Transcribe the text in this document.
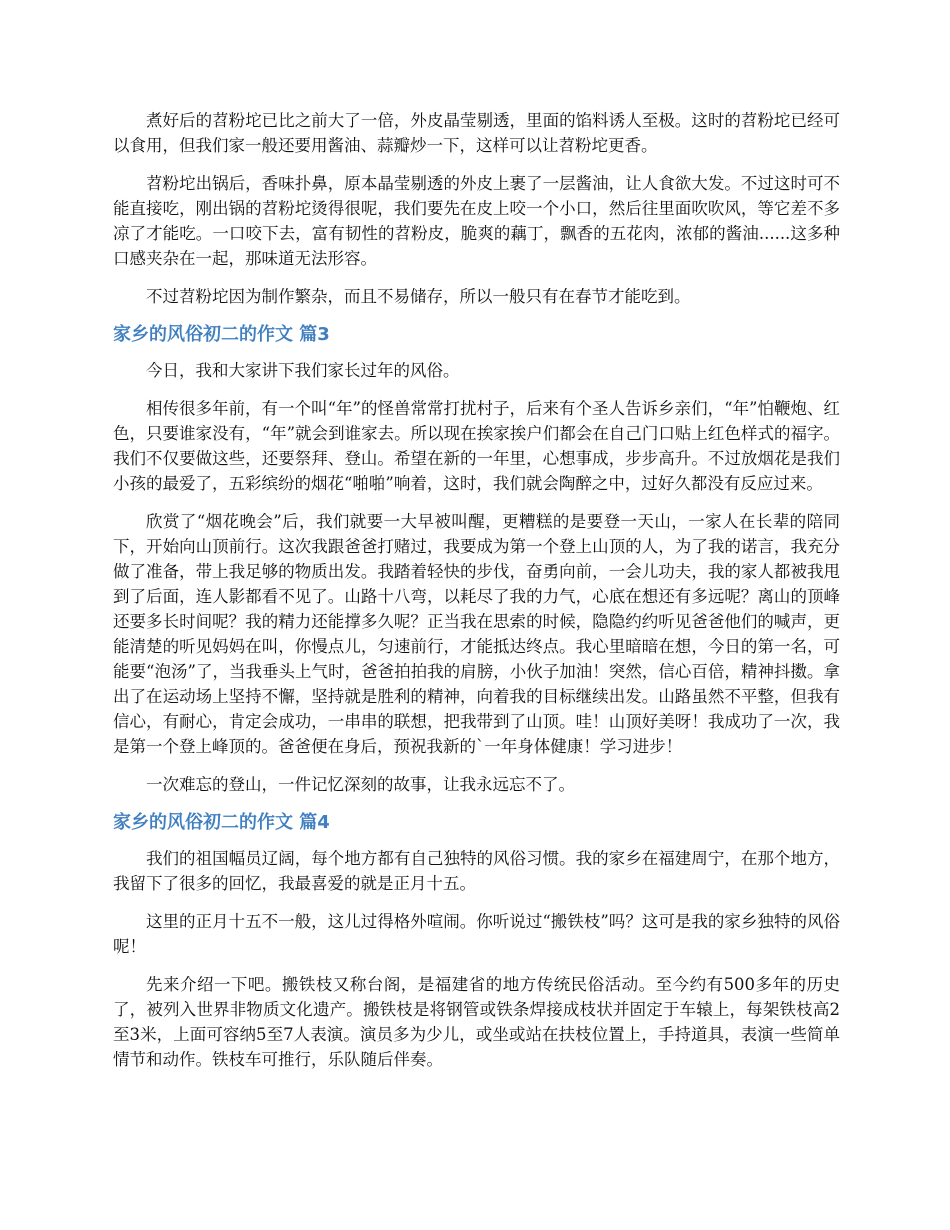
煮好后的苕粉坨已比之前大了一倍，外皮晶莹剔透，里面的馅料诱人至极。这时的苕粉坨已经可以食用，但我们家一般还要用酱油、蒜瓣炒一下，这样可以让苕粉坨更香。

苕粉坨出锅后，香味扑鼻，原本晶莹剔透的外皮上裹了一层酱油，让人食欲大发。不过这时可不能直接吃，刚出锅的苕粉坨烫得很呢，我们要先在皮上咬一个小口，然后往里面吹吹风，等它差不多凉了才能吃。一口咬下去，富有韧性的苕粉皮，脆爽的藕丁，飘香的五花肉，浓郁的酱油......这多种口感夹杂在一起，那味道无法形容。

不过苕粉坨因为制作繁杂，而且不易储存，所以一般只有在春节才能吃到。

家乡的风俗初二的作文 篇3

今日，我和大家讲下我们家长过年的风俗。

相传很多年前，有一个叫“年”的怪兽常常打扰村子，后来有个圣人告诉乡亲们，“年”怕鞭炮、红色，只要谁家没有，“年”就会到谁家去。所以现在挨家挨户们都会在自己门口贴上红色样式的福字。我们不仅要做这些，还要祭拜、登山。希望在新的一年里，心想事成，步步高升。不过放烟花是我们小孩的最爱了，五彩缤纷的烟花“啪啪”响着，这时，我们就会陶醉之中，过好久都没有反应过来。

欣赏了“烟花晚会”后，我们就要一大早被叫醒，更糟糕的是要登一天山，一家人在长辈的陪同下，开始向山顶前行。这次我跟爸爸打赌过，我要成为第一个登上山顶的人，为了我的诺言，我充分做了准备，带上我足够的物质出发。我踏着轻快的步伐，奋勇向前，一会儿功夫，我的家人都被我甩到了后面，连人影都看不见了。山路十八弯，以耗尽了我的力气，心底在想还有多远呢？离山的顶峰还要多长时间呢？我的精力还能撑多久呢？正当我在思索的时候，隐隐约约听见爸爸他们的喊声，更能清楚的听见妈妈在叫，你慢点儿，匀速前行，才能抵达终点。我心里暗暗在想，今日的第一名，可能要“泡汤”了，当我垂头上气时，爸爸拍拍我的肩膀，小伙子加油！突然，信心百倍，精神抖擞。拿出了在运动场上坚持不懈，坚持就是胜利的精神，向着我的目标继续出发。山路虽然不平整，但我有信心，有耐心，肯定会成功，一串串的联想，把我带到了山顶。哇！山顶好美呀！我成功了一次，我是第一个登上峰顶的。爸爸便在身后，预祝我新的`一年身体健康！学习进步！

一次难忘的登山，一件记忆深刻的故事，让我永远忘不了。

家乡的风俗初二的作文 篇4

我们的祖国幅员辽阔，每个地方都有自己独特的风俗习惯。我的家乡在福建周宁，在那个地方，我留下了很多的回忆，我最喜爱的就是正月十五。

这里的正月十五不一般，这儿过得格外喧闹。你听说过“搬铁枝”吗？这可是我的家乡独特的风俗呢！

先来介绍一下吧。搬铁枝又称台阁，是福建省的地方传统民俗活动。至今约有500多年的历史了，被列入世界非物质文化遗产。搬铁枝是将钢管或铁条焊接成枝状并固定于车辕上，每架铁枝高2至3米，上面可容纳5至7人表演。演员多为少儿，或坐或站在扶枝位置上，手持道具，表演一些简单情节和动作。铁枝车可推行，乐队随后伴奏。
